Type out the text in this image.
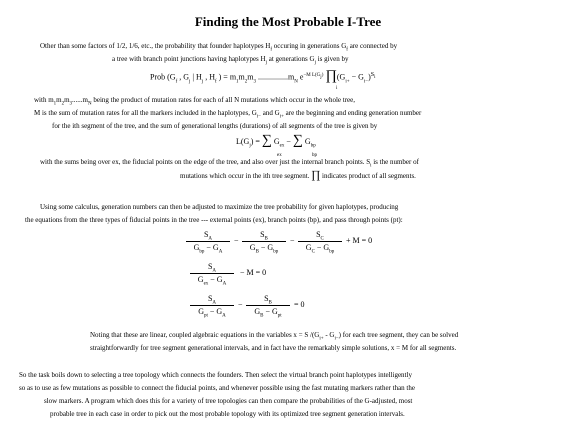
Finding the Most Probable I-Tree
Other than some factors of 1/2, 1/6, etc., the probability that founder haplotypes $H_f$ occuring in generations $G_f$ are connected by
a tree with branch point junctions having haplotypes $H_j$ at generations $G_j$ is given by
Prob ($G_f$ , $G_j$ | $H_j$ , $H_f$ ) = $m_1m_2m_3$ $...............m_N$ $e^{-M L(G_j)}$ $\prod(G_{i+} - G_{i-})^{S_i}$
i
with $m_1m_2m_3......m_N$ being the product of mutation rates for each of all N mutations which occur in the whole tree,
M is the sum of mutation rates for all the markers included in the haplotypes, $G_{i-}$ and $G_{i+}$ are the beginning and ending generation number
for the ith segment of the tree, and the sum of generational lengths (durations) of all segments of the tree is given by
$L(G_j)$ = ∑ $G_{ex}$ − ∑ $G_{bp}$
ex	bp
with the sums being over ex, the fiducial points on the edge of the tree, and also over just the internal branch points. $S_i$ is the number of
mutations which occur in the ith tree segment. ∏ indicates product of all segments.
Using some calculus, generation numbers can then be adjusted to maximize the tree probability for given haplotypes, producing
the equations from the three types of fiducial points in the tree --- external points (ex), branch points (bp), and pass through points (pt):
$S_A$
$G_{bp} - G_A$
−
$S_B$
$G_B - G_{bp}$
−
$S_C$
$G_C - G_{bp}$
+ M = 0
$S_A$
$G_{ex} - G_A$
− M = 0
$S_A$
$G_{pt} - G_A$
−
$S_B$
$G_B - G_{pt}$
= 0
Noting that these are linear, coupled algebraic equations in the variables x = S $/(G_{i+} - G_{i-})$ for each tree segment, they can be solved
straightforwardly for tree segment generational intervals, and in fact have the remarkably simple solutions, x = M for all segments.
So the task boils down to selecting a tree topology which connects the founders. Then select the virtual branch point haplotypes intelligently
so as to use as few mutations as possible to connect the fiducial points, and whenever possible using the fast mutating markers rather than the
slow markers. A program which does this for a variety of tree topologies can then compare the probabilities of the G-adjusted, most
probable tree in each case in order to pick out the most probable topology with its optimized tree segment generation intervals.
